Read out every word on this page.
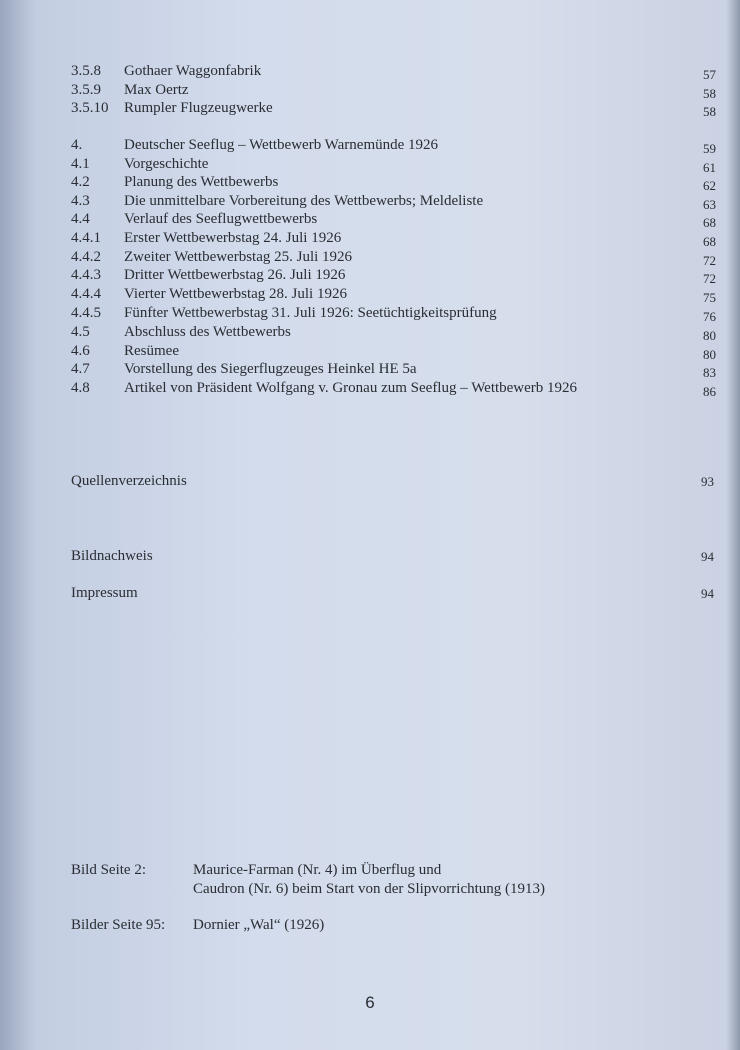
3.5.8 Gothaer Waggonfabrik	57
3.5.9 Max Oertz	58
3.5.10 Rumpler Flugzeugwerke	58
4.	Deutscher Seeflug – Wettbewerb Warnemünde 1926	59
4.1 Vorgeschichte	61
4.2 Planung des Wettbewerbs	62
4.3 Die unmittelbare Vorbereitung des Wettbewerbs; Meldeliste	63
4.4 Verlauf des Seeflugwettbewerbs	68
4.4.1 Erster Wettbewerbstag 24. Juli 1926	68
4.4.2 Zweiter Wettbewerbstag 25. Juli 1926	72
4.4.3 Dritter Wettbewerbstag 26. Juli 1926	72
4.4.4 Vierter Wettbewerbstag 28. Juli 1926	75
4.4.5 Fünfter Wettbewerbstag 31. Juli 1926: Seetüchtigkeitsprüfung	76
4.5 Abschluss des Wettbewerbs	80
4.6 Resümee	80
4.7 Vorstellung des Siegerflugzeuges Heinkel HE 5a	83
4.8 Artikel von Präsident Wolfgang v. Gronau zum Seeflug – Wettbewerb 1926	86
Quellenverzeichnis	93
Bildnachweis	94
Impressum	94
Bild Seite 2:	Maurice-Farman (Nr. 4) im Überflug und
Caudron (Nr. 6) beim Start von der Slipvorrichtung (1913)
Bilder Seite 95: Dornier „Wal“ (1926)
6
